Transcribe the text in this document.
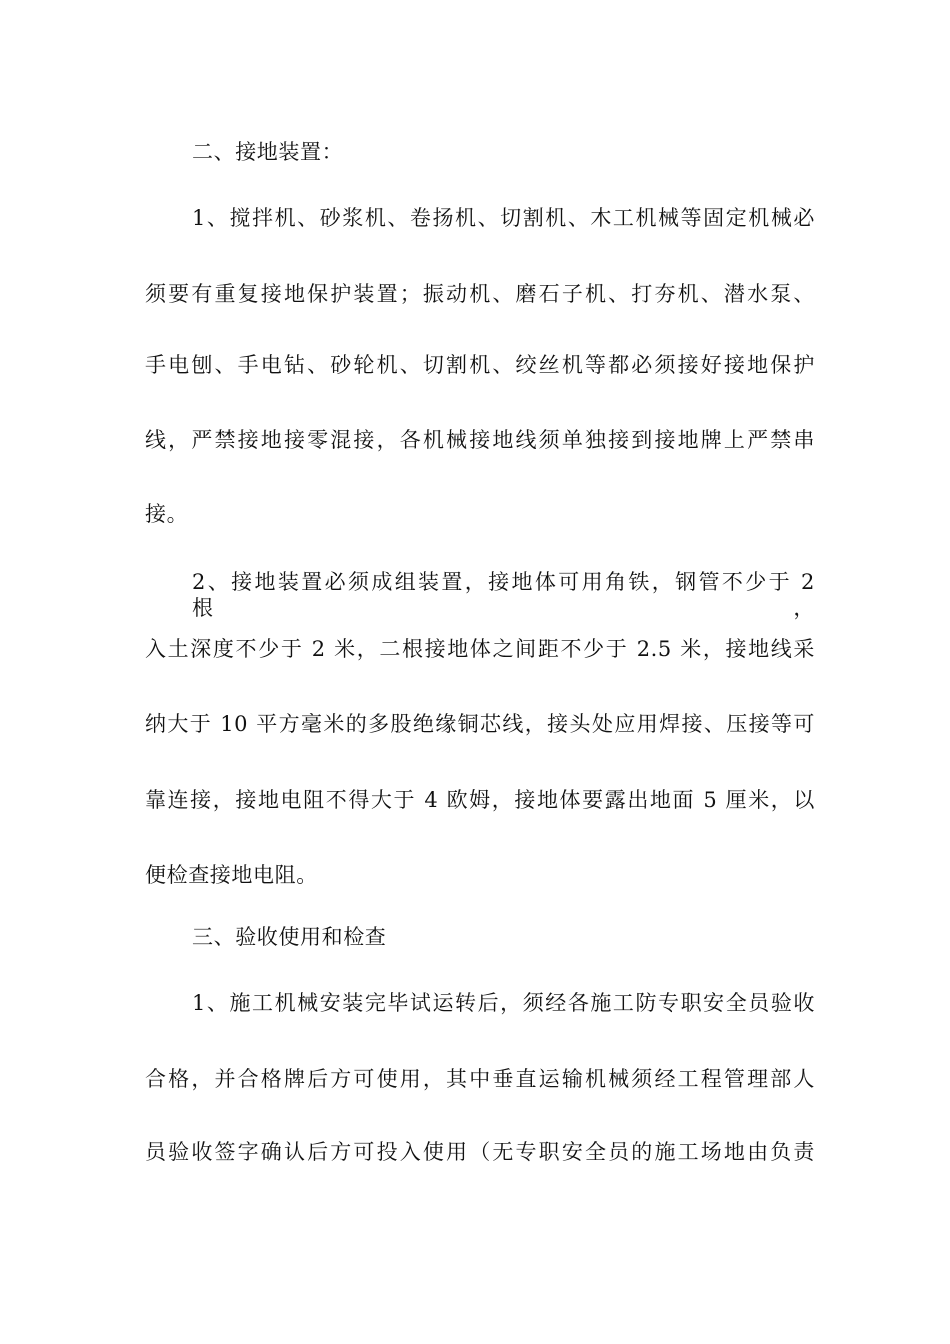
二、接地装置：
1、搅拌机、砂浆机、卷扬机、切割机、木工机械等固定机械必
须要有重复接地保护装置；振动机、磨石子机、打夯机、潜水泵、
手电刨、手电钻、砂轮机、切割机、绞丝机等都必须接好接地保护
线，严禁接地接零混接，各机械接地线须单独接到接地牌上严禁串
接。
2、接地装置必须成组装置，接地体可用角铁，钢管不少于 2 根，
入土深度不少于 2 米，二根接地体之间距不少于 2.5 米，接地线采
纳大于 10 平方毫米的多股绝缘铜芯线，接头处应用焊接、压接等可
靠连接，接地电阻不得大于 4 欧姆，接地体要露出地面 5 厘米，以
便检查接地电阻。
三、验收使用和检查
1、施工机械安装完毕试运转后，须经各施工防专职安全员验收
合格，并合格牌后方可使用，其中垂直运输机械须经工程管理部人
员验收签字确认后方可投入使用（无专职安全员的施工场地由负责
